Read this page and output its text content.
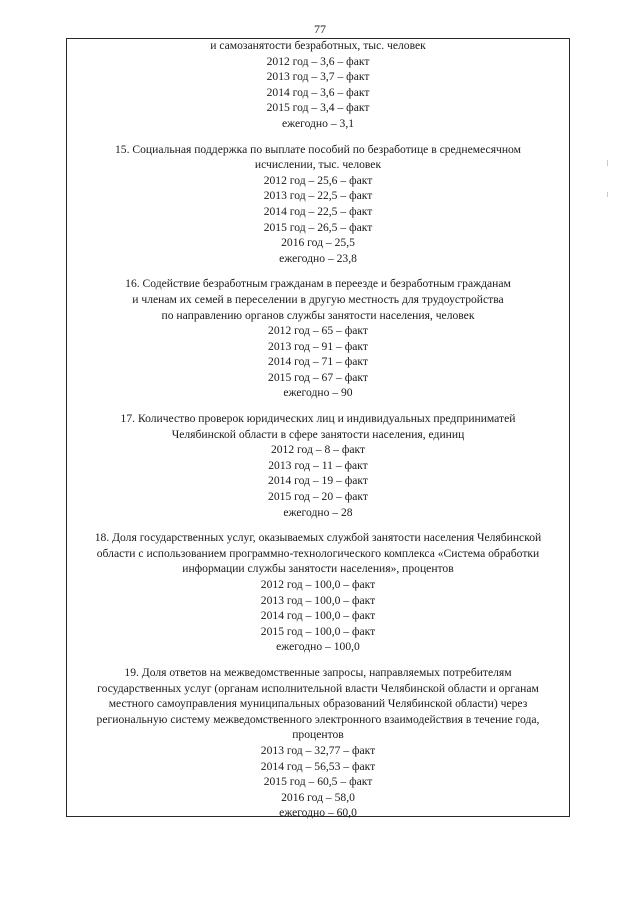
77
и самозанятости безработных, тыс. человек
2012 год – 3,6 – факт
2013 год – 3,7 – факт
2014 год – 3,6 – факт
2015 год – 3,4 – факт
ежегодно – 3,1
15. Социальная поддержка по выплате пособий по безработице в среднемесячном
исчислении, тыс. человек
2012 год – 25,6 – факт
2013 год – 22,5 – факт
2014 год – 22,5 – факт
2015 год – 26,5 – факт
2016 год – 25,5
ежегодно – 23,8
16. Содействие безработным гражданам в переезде и безработным гражданам
и членам их семей в переселении в другую местность для трудоустройства
по направлению органов службы занятости населения, человек
2012 год – 65 – факт
2013 год – 91 – факт
2014 год – 71 – факт
2015 год – 67 – факт
ежегодно – 90
17. Количество проверок юридических лиц и индивидуальных предприниматей
Челябинской области в сфере занятости населения, единиц
2012 год – 8 – факт
2013 год – 11 – факт
2014 год – 19 – факт
2015 год – 20 – факт
ежегодно – 28
18. Доля государственных услуг, оказываемых службой занятости населения Челябинской
области с использованием программно-технологического комплекса «Система обработки
информации службы занятости населения», процентов
2012 год – 100,0 – факт
2013 год – 100,0 – факт
2014 год – 100,0 – факт
2015 год – 100,0 – факт
ежегодно – 100,0
19. Доля ответов на межведомственные запросы, направляемых потребителям
государственных услуг (органам исполнительной власти Челябинской области и органам
местного самоуправления муниципальных образований Челябинской области) через
региональную систему межведомственного электронного взаимодействия в течение года,
процентов
2013 год – 32,77 – факт
2014 год – 56,53 – факт
2015 год – 60,5 – факт
2016 год – 58,0
ежегодно – 60,0
